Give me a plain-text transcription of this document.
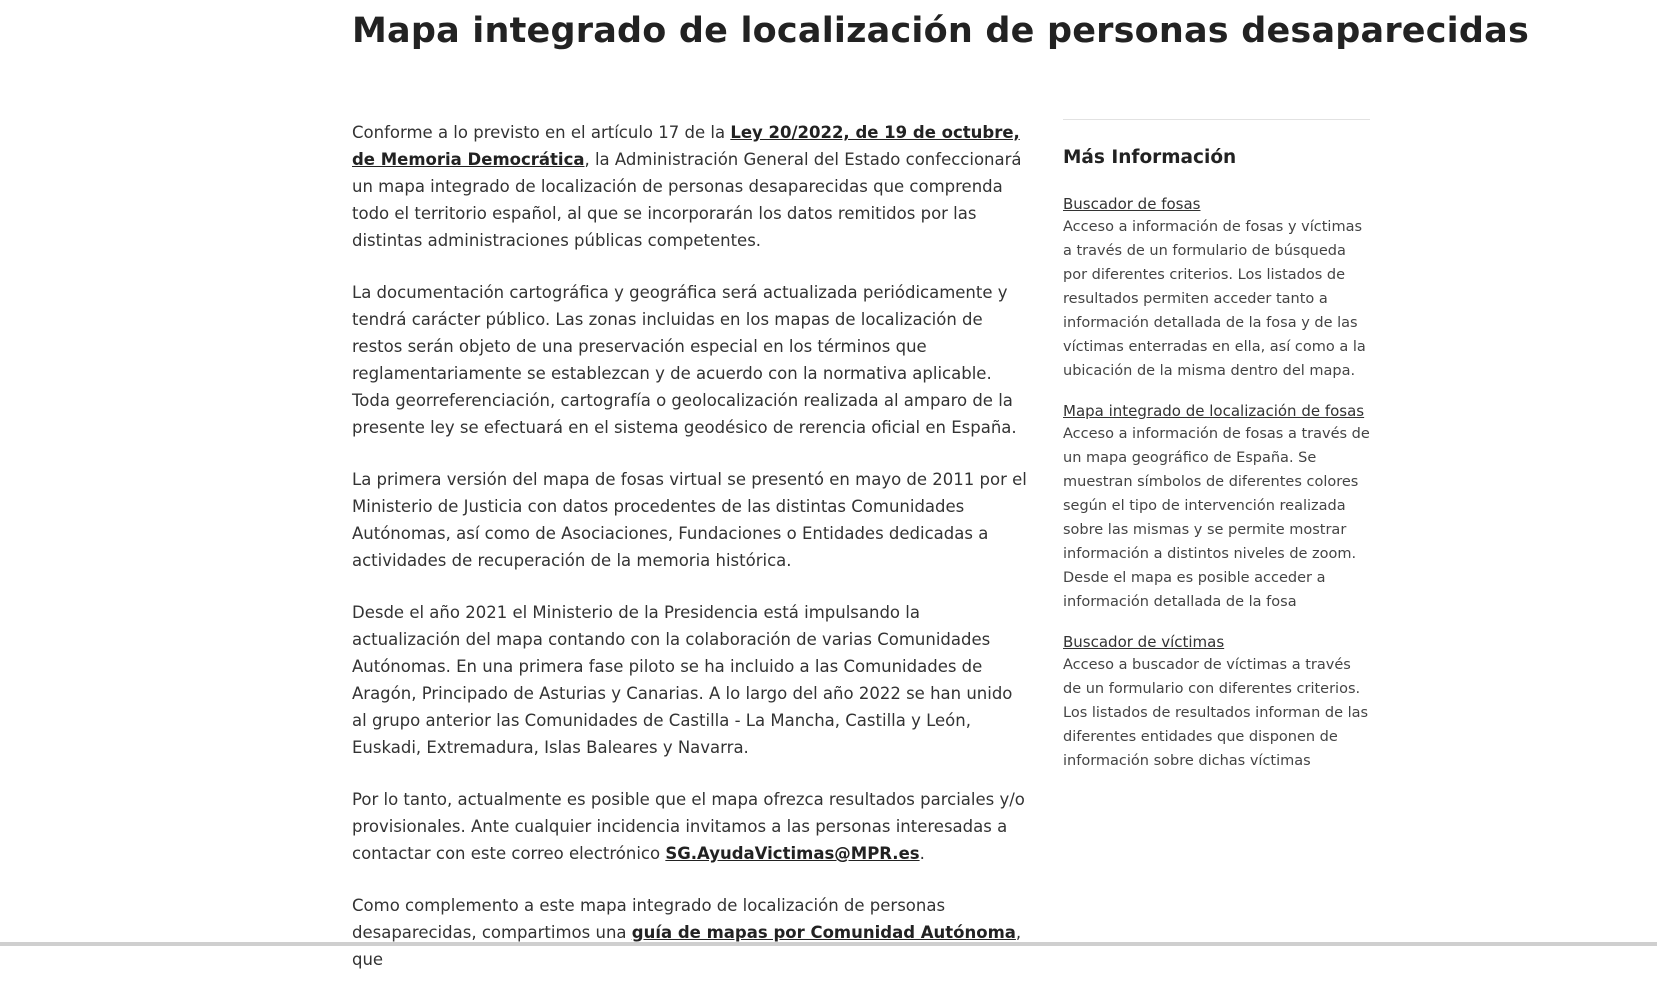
Mapa integrado de localización de personas desaparecidas

Conforme a lo previsto en el artículo 17 de la Ley 20/2022, de 19 de octubre, de Memoria Democrática, la Administración General del Estado confeccionará un mapa integrado de localización de personas desaparecidas que comprenda todo el territorio español, al que se incorporarán los datos remitidos por las distintas administraciones públicas competentes.

La documentación cartográfica y geográfica será actualizada periódicamente y tendrá carácter público. Las zonas incluidas en los mapas de localización de restos serán objeto de una preservación especial en los términos que reglamentariamente se establezcan y de acuerdo con la normativa aplicable. Toda georreferenciación, cartografía o geolocalización realizada al amparo de la presente ley se efectuará en el sistema geodésico de rerencia oficial en España.

La primera versión del mapa de fosas virtual se presentó en mayo de 2011 por el Ministerio de Justicia con datos procedentes de las distintas Comunidades Autónomas, así como de Asociaciones, Fundaciones o Entidades dedicadas a actividades de recuperación de la memoria histórica.

Desde el año 2021 el Ministerio de la Presidencia está impulsando la actualización del mapa contando con la colaboración de varias Comunidades Autónomas. En una primera fase piloto se ha incluido a las Comunidades de Aragón, Principado de Asturias y Canarias. A lo largo del año 2022 se han unido al grupo anterior las Comunidades de Castilla - La Mancha, Castilla y León, Euskadi, Extremadura, Islas Baleares y Navarra.

Por lo tanto, actualmente es posible que el mapa ofrezca resultados parciales y/o provisionales. Ante cualquier incidencia invitamos a las personas interesadas a contactar con este correo electrónico SG.AyudaVictimas@MPR.es.

Como complemento a este mapa integrado de localización de personas desaparecidas, compartimos una guía de mapas por Comunidad Autónoma, que

Más Información
Buscador de fosas

Acceso a información de fosas y víctimas a través de un formulario de búsqueda por diferentes criterios. Los listados de resultados permiten acceder tanto a información detallada de la fosa y de las víctimas enterradas en ella, así como a la ubicación de la misma dentro del mapa.

Mapa integrado de localización de fosas

Acceso a información de fosas a través de un mapa geográfico de España. Se muestran símbolos de diferentes colores según el tipo de intervención realizada sobre las mismas y se permite mostrar información a distintos niveles de zoom. Desde el mapa es posible acceder a información detallada de la fosa

Buscador de víctimas

Acceso a buscador de víctimas a través de un formulario con diferentes criterios. Los listados de resultados informan de las diferentes entidades que disponen de información sobre dichas víctimas
